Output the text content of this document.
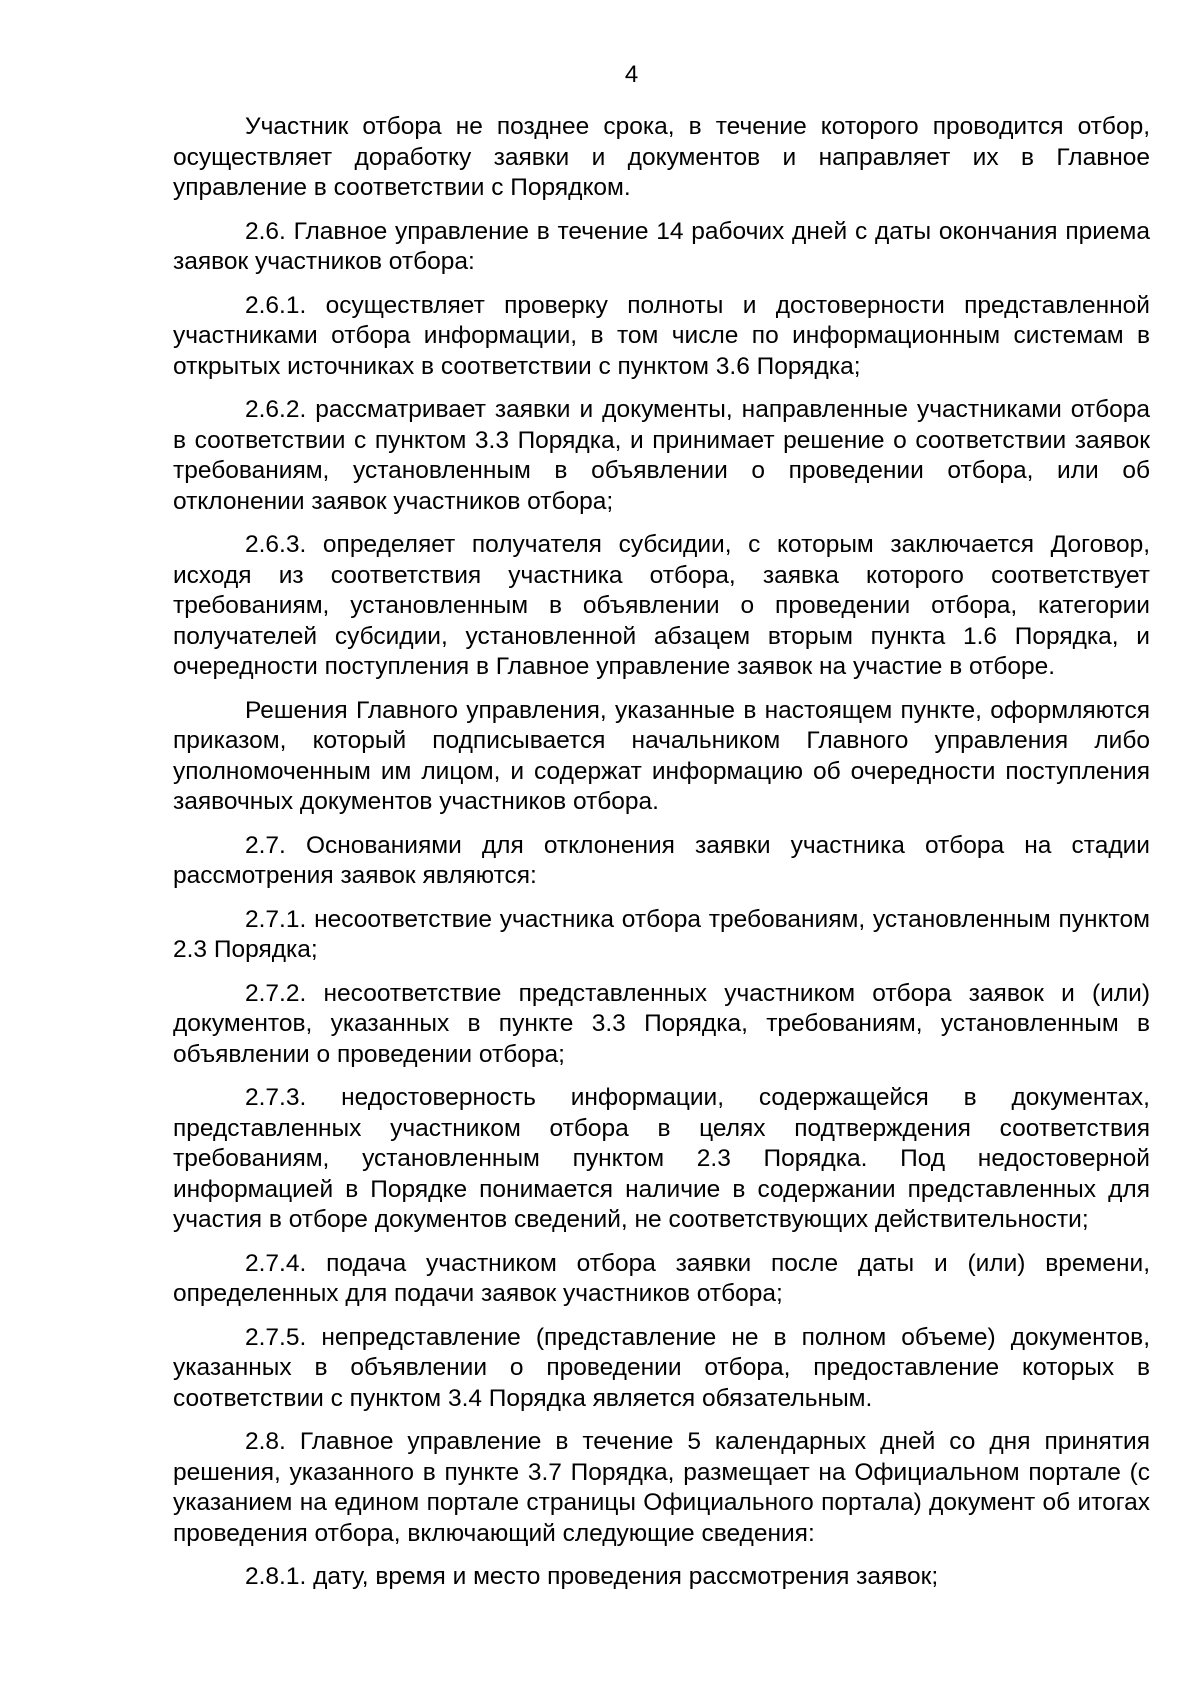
4

Участник отбора не позднее срока, в течение которого проводится отбор, осуществляет доработку заявки и документов и направляет их в Главное управление в соответствии с Порядком.

2.6. Главное управление в течение 14 рабочих дней с даты окончания приема заявок участников отбора:

2.6.1. осуществляет проверку полноты и достоверности представленной участниками отбора информации, в том числе по информационным системам в открытых источниках в соответствии с пунктом 3.6 Порядка;

2.6.2. рассматривает заявки и документы, направленные участниками отбора в соответствии с пунктом 3.3 Порядка, и принимает решение о соответствии заявок требованиям, установленным в объявлении о проведении отбора, или об отклонении заявок участников отбора;

2.6.3. определяет получателя субсидии, с которым заключается Договор, исходя из соответствия участника отбора, заявка которого соответствует требованиям, установленным в объявлении о проведении отбора, категории получателей субсидии, установленной абзацем вторым пункта 1.6 Порядка, и очередности поступления в Главное управление заявок на участие в отборе.

Решения Главного управления, указанные в настоящем пункте, оформляются приказом, который подписывается начальником Главного управления либо уполномоченным им лицом, и содержат информацию об очередности поступления заявочных документов участников отбора.

2.7. Основаниями для отклонения заявки участника отбора на стадии рассмотрения заявок являются:

2.7.1. несоответствие участника отбора требованиям, установленным пунктом 2.3 Порядка;

2.7.2. несоответствие представленных участником отбора заявок и (или) документов, указанных в пункте 3.3 Порядка, требованиям, установленным в объявлении о проведении отбора;

2.7.3. недостоверность информации, содержащейся в документах, представленных участником отбора в целях подтверждения соответствия требованиям, установленным пунктом 2.3 Порядка. Под недостоверной информацией в Порядке понимается наличие в содержании представленных для участия в отборе документов сведений, не соответствующих действительности;

2.7.4. подача участником отбора заявки после даты и (или) времени, определенных для подачи заявок участников отбора;

2.7.5. непредставление (представление не в полном объеме) документов, указанных в объявлении о проведении отбора, предоставление которых в соответствии с пунктом 3.4 Порядка является обязательным.

2.8. Главное управление в течение 5 календарных дней со дня принятия решения, указанного в пункте 3.7 Порядка, размещает на Официальном портале (с указанием на едином портале страницы Официального портала) документ об итогах проведения отбора, включающий следующие сведения:

2.8.1. дату, время и место проведения рассмотрения заявок;
